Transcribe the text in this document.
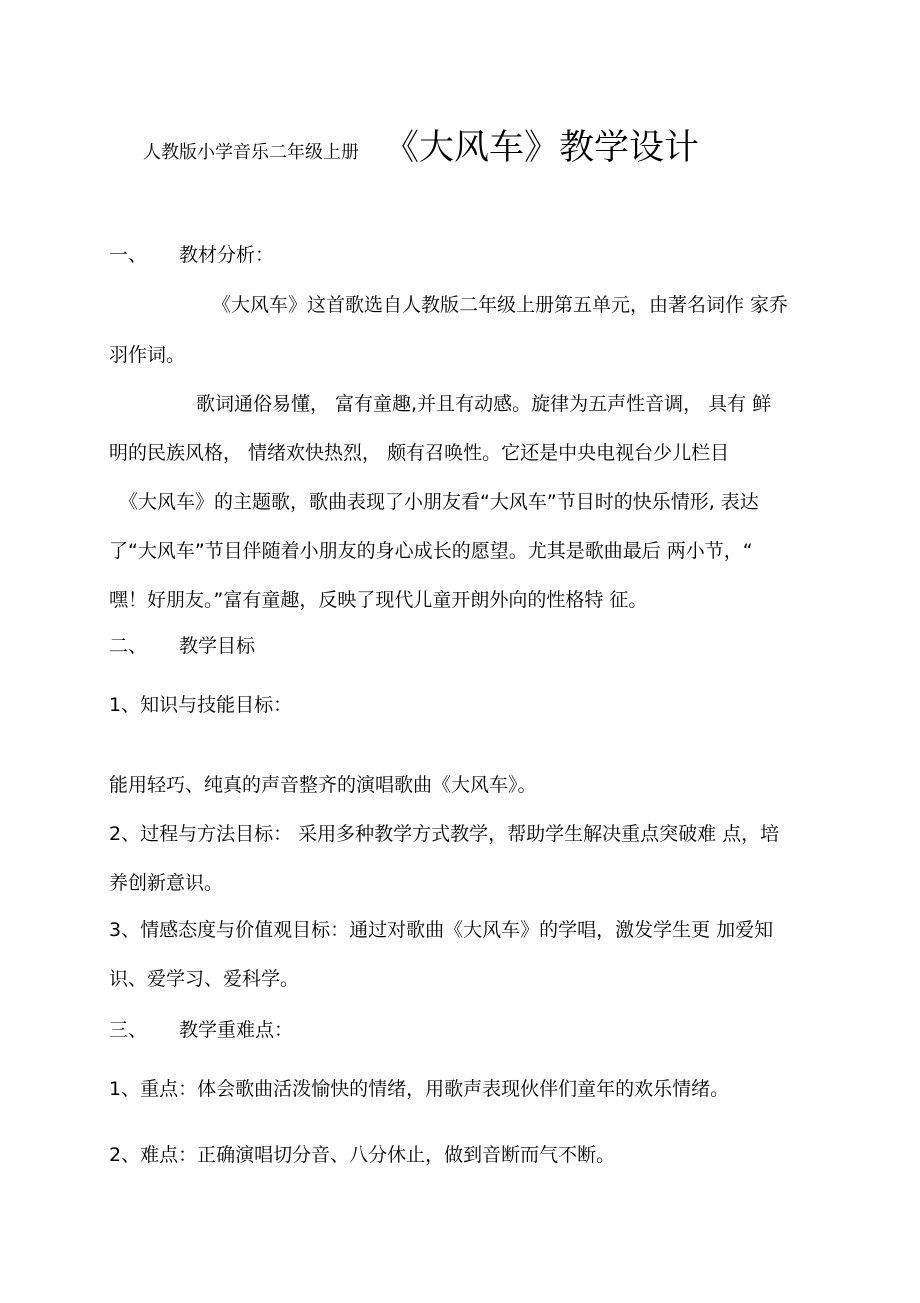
人教版小学音乐二年级上册 《大风车》教学设计
一、 教材分析：
《大风车》这首歌选自人教版二年级上册第五单元，由著名词作 家乔
羽作词。
歌词通俗易懂， 富有童趣,并且有动感。旋律为五声性音调， 具有 鲜
明的民族风格， 情绪欢快热烈， 颇有召唤性。它还是中央电视台少儿栏目
《大风车》的主题歌，歌曲表现了小朋友看“大风车”节目时的快乐情形, 表达
了“大风车”节目伴随着小朋友的身心成长的愿望。尤其是歌曲最后 两小节，“
嘿！好朋友。”富有童趣，反映了现代儿童开朗外向的性格特 征。
二、 教学目标
1、知识与技能目标：
能用轻巧、纯真的声音整齐的演唱歌曲《大风车》。
2、过程与方法目标： 采用多种教学方式教学，帮助学生解决重点突破难 点，培
养创新意识。
3、情感态度与价值观目标：通过对歌曲《大风车》的学唱，激发学生更 加爱知
识、爱学习、爱科学。
三、 教学重难点：
1、重点：体会歌曲活泼愉快的情绪，用歌声表现伙伴们童年的欢乐情绪。
2、难点：正确演唱切分音、八分休止，做到音断而气不断。
